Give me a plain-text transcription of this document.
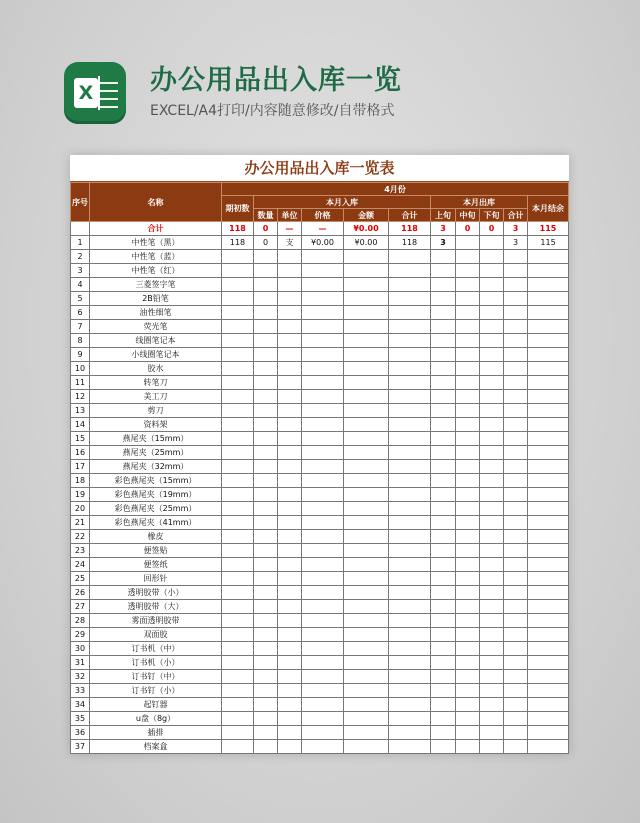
X 办公用品出入库一览
EXCEL/A4打印/内容随意修改/自带格式
办公用品出入库一览表
序号	名称	4月份										
		期初数	本月入库					本月出库				本月结余
			数量	单位	价格	金额	合计	上旬	中旬	下旬	合计	
	合计	118	0	—	—	¥0.00	118	3	0	0	3	115
1	中性笔（黑）	118	0	支	¥0.00	¥0.00	118	3			3	115
2	中性笔（蓝）											
3	中性笔（红）											
4	三菱签字笔											
5	2B铅笔											
6	油性细笔											
7	荧光笔											
8	线圈笔记本											
9	小线圈笔记本											
10	胶水											
11	转笔刀											
12	美工刀											
13	剪刀											
14	资料架											
15	燕尾夹（15mm）											
16	燕尾夹（25mm）											
17	燕尾夹（32mm）											
18	彩色燕尾夹（15mm）											
19	彩色燕尾夹（19mm）											
20	彩色燕尾夹（25mm）											
21	彩色燕尾夹（41mm）											
22	橡皮											
23	便签贴											
24	便签纸											
25	回形针											
26	透明胶带（小）											
27	透明胶带（大）											
28	雾面透明胶带											
29	双面胶											
30	订书机（中）											
31	订书机（小）											
32	订书钉（中）											
33	订书钉（小）											
34	起钉器											
35	u盘（8g）											
36	插排											
37	档案盒											
